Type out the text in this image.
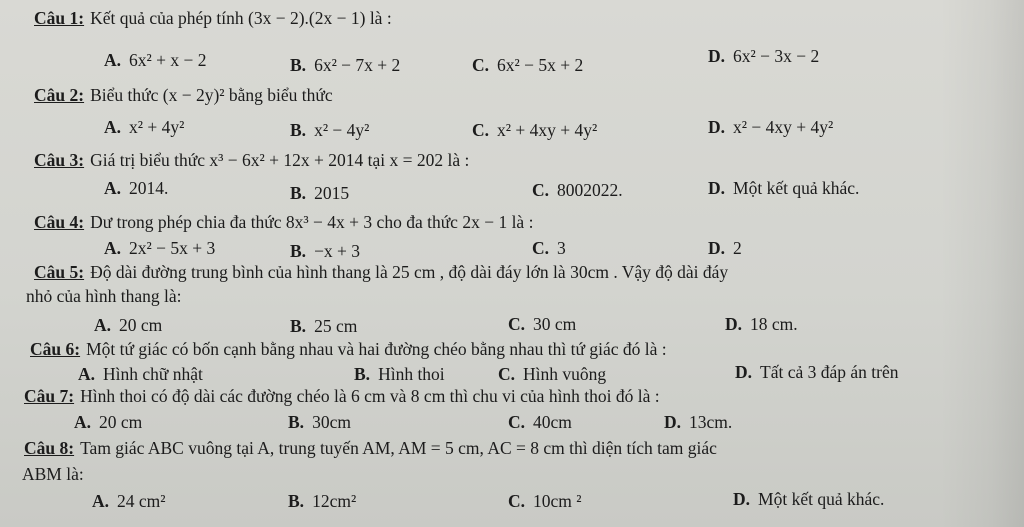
Câu 1: Kết quả của phép tính (3x − 2).(2x − 1) là :
A. 6x² + x − 2	B. 6x² − 7x + 2	C. 6x² − 5x + 2	D. 6x² − 3x − 2
Câu 2: Biểu thức (x − 2y)² bằng biểu thức
A. x² + 4y²	B. x² − 4y²	C. x² + 4xy + 4y²	D. x² − 4xy + 4y²
Câu 3: Giá trị biểu thức x³ − 6x² + 12x + 2014 tại x = 202 là :
A. 2014.	B. 2015	C. 8002022.	D. Một kết quả khác.
Câu 4: Dư trong phép chia đa thức 8x³ − 4x + 3 cho đa thức 2x − 1 là :
A. 2x² − 5x + 3	B. −x + 3	C. 3	D. 2
Câu 5: Độ dài đường trung bình của hình thang là 25 cm , độ dài đáy lớn là 30cm . Vậy độ dài đáy
nhỏ của hình thang là:
A. 20 cm	B. 25 cm	C. 30 cm	D. 18 cm.
Câu 6: Một tứ giác có bốn cạnh bằng nhau và hai đường chéo bằng nhau thì tứ giác đó là :
A. Hình chữ nhật	B. Hình thoi	C. Hình vuông	D. Tất cả 3 đáp án trên
Câu 7: Hình thoi có độ dài các đường chéo là 6 cm và 8 cm thì chu vi của hình thoi đó là :
A. 20 cm	B. 30cm	C. 40cm	D. 13cm.
Câu 8: Tam giác ABC vuông tại A, trung tuyến AM, AM = 5 cm, AC = 8 cm thì diện tích tam giác
ABM là:
A. 24 cm²	B. 12cm²	C. 10cm ²	D. Một kết quả khác.
